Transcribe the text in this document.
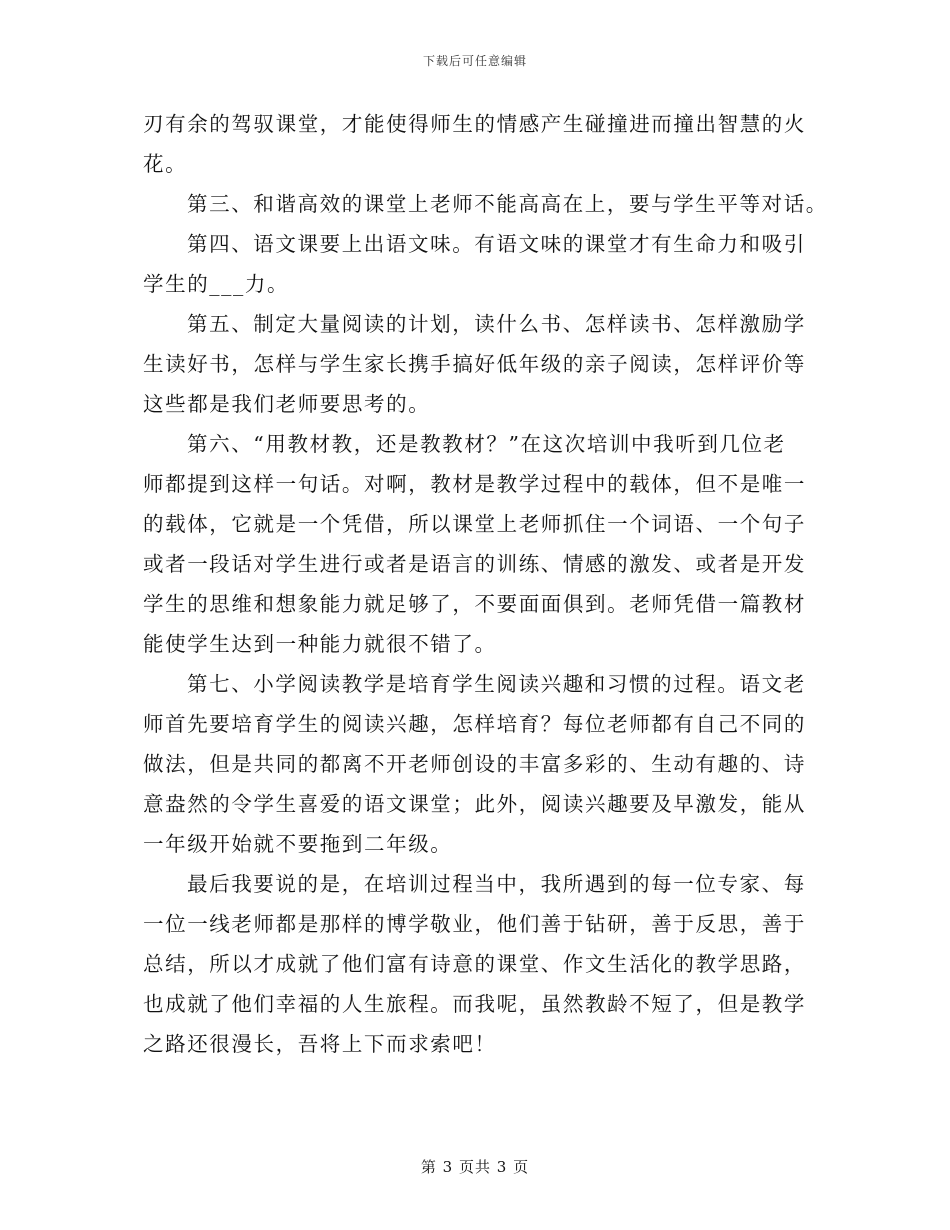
下载后可任意编辑

刃有余的驾驭课堂，才能使得师生的情感产生碰撞进而撞出智慧的火
花。

第三、和谐高效的课堂上老师不能高高在上，要与学生平等对话。

第四、语文课要上出语文味。有语文味的课堂才有生命力和吸引
学生的___力。

第五、制定大量阅读的计划，读什么书、怎样读书、怎样激励学
生读好书，怎样与学生家长携手搞好低年级的亲子阅读，怎样评价等
这些都是我们老师要思考的。

第六、“用教材教，还是教教材？”在这次培训中我听到几位老
师都提到这样一句话。对啊，教材是教学过程中的载体，但不是唯一
的载体，它就是一个凭借，所以课堂上老师抓住一个词语、一个句子
或者一段话对学生进行或者是语言的训练、情感的激发、或者是开发
学生的思维和想象能力就足够了，不要面面俱到。老师凭借一篇教材
能使学生达到一种能力就很不错了。

第七、小学阅读教学是培育学生阅读兴趣和习惯的过程。语文老
师首先要培育学生的阅读兴趣，怎样培育？每位老师都有自己不同的
做法，但是共同的都离不开老师创设的丰富多彩的、生动有趣的、诗
意盎然的令学生喜爱的语文课堂；此外，阅读兴趣要及早激发，能从
一年级开始就不要拖到二年级。

最后我要说的是，在培训过程当中，我所遇到的每一位专家、每
一位一线老师都是那样的博学敬业，他们善于钻研，善于反思，善于
总结，所以才成就了他们富有诗意的课堂、作文生活化的教学思路，
也成就了他们幸福的人生旅程。而我呢，虽然教龄不短了，但是教学
之路还很漫长，吾将上下而求索吧！

第 3 页共 3 页
